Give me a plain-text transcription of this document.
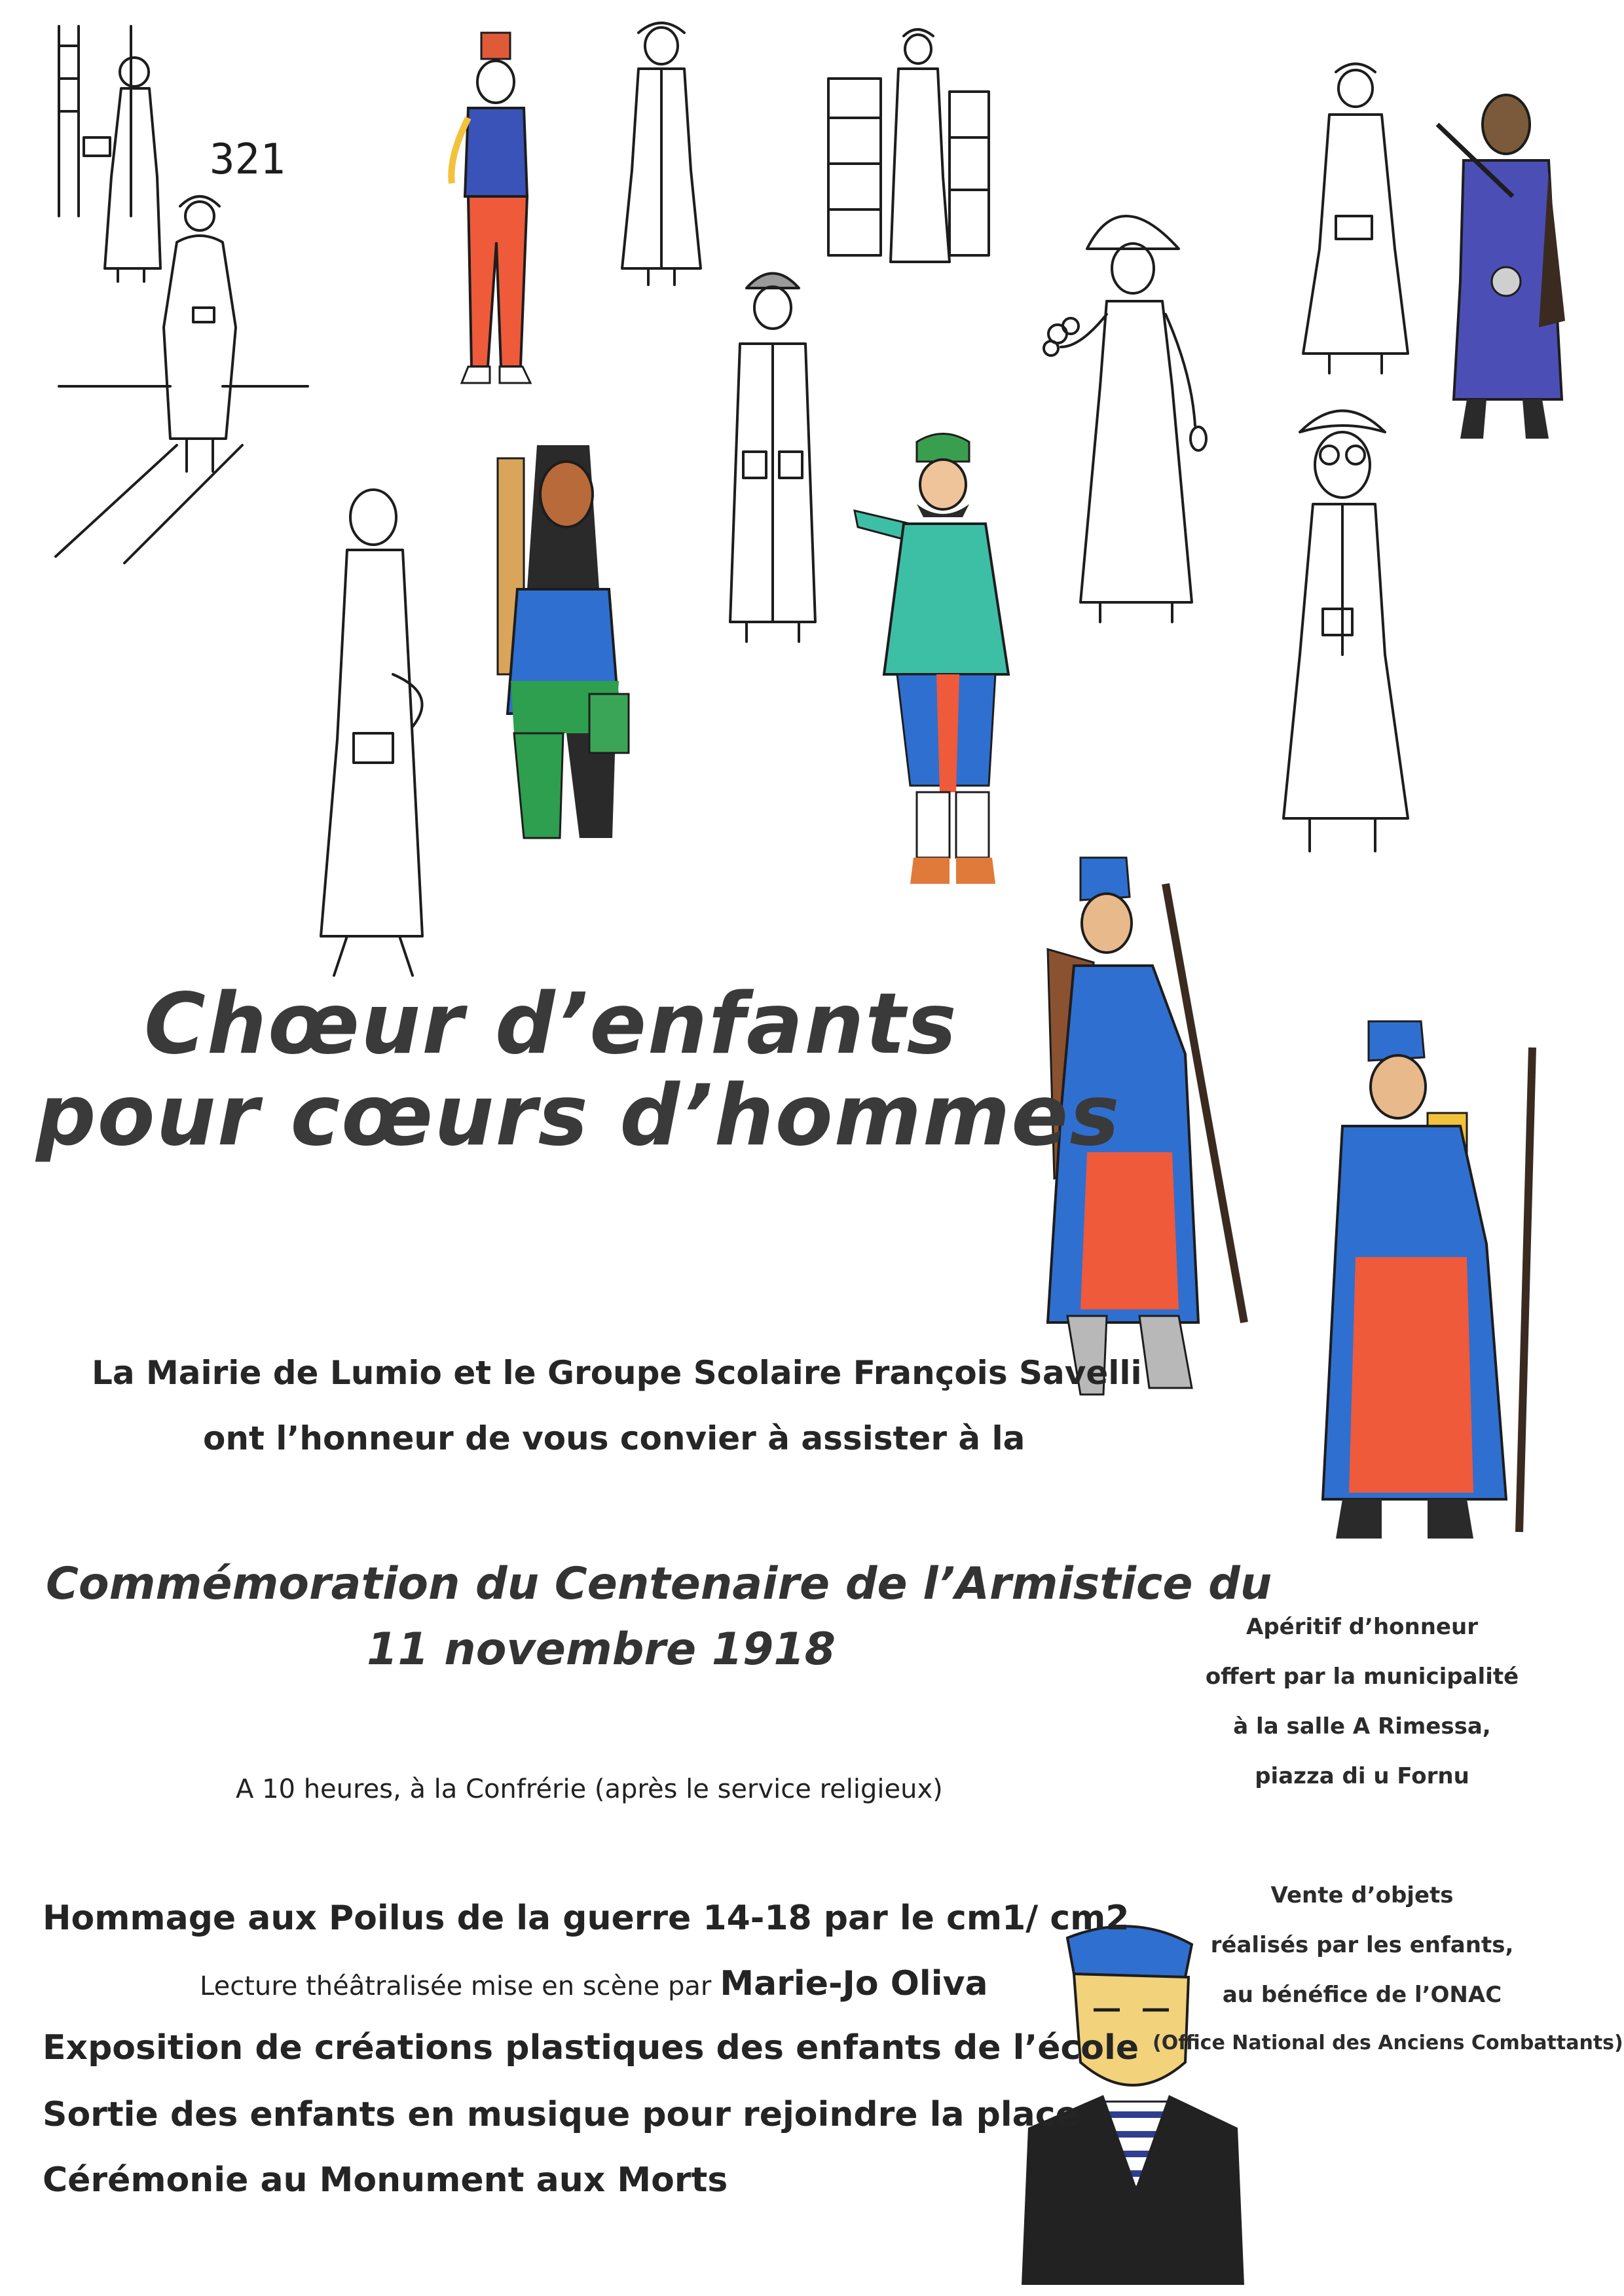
321
Chœur d’enfants
pour cœurs d’hommes
La Mairie de Lumio et le Groupe Scolaire François Savelli
ont l’honneur de vous convier à assister à la
Commémoration du Centenaire de l’Armistice du
11 novembre 1918
A 10 heures, à la Confrérie (après le service religieux)
Hommage aux Poilus de la guerre 14-18 par le cm1/ cm2
Lecture théâtralisée mise en scène par Marie-Jo Oliva
Exposition de créations plastiques des enfants de l’école
Sortie des enfants en musique pour rejoindre la place
Cérémonie au Monument aux Morts
Apéritif d’honneur
offert par la municipalité
à la salle A Rimessa,
piazza di u Fornu
Vente d’objets
réalisés par les enfants,
au bénéfice de l’ONAC
(Office National des Anciens Combattants)
